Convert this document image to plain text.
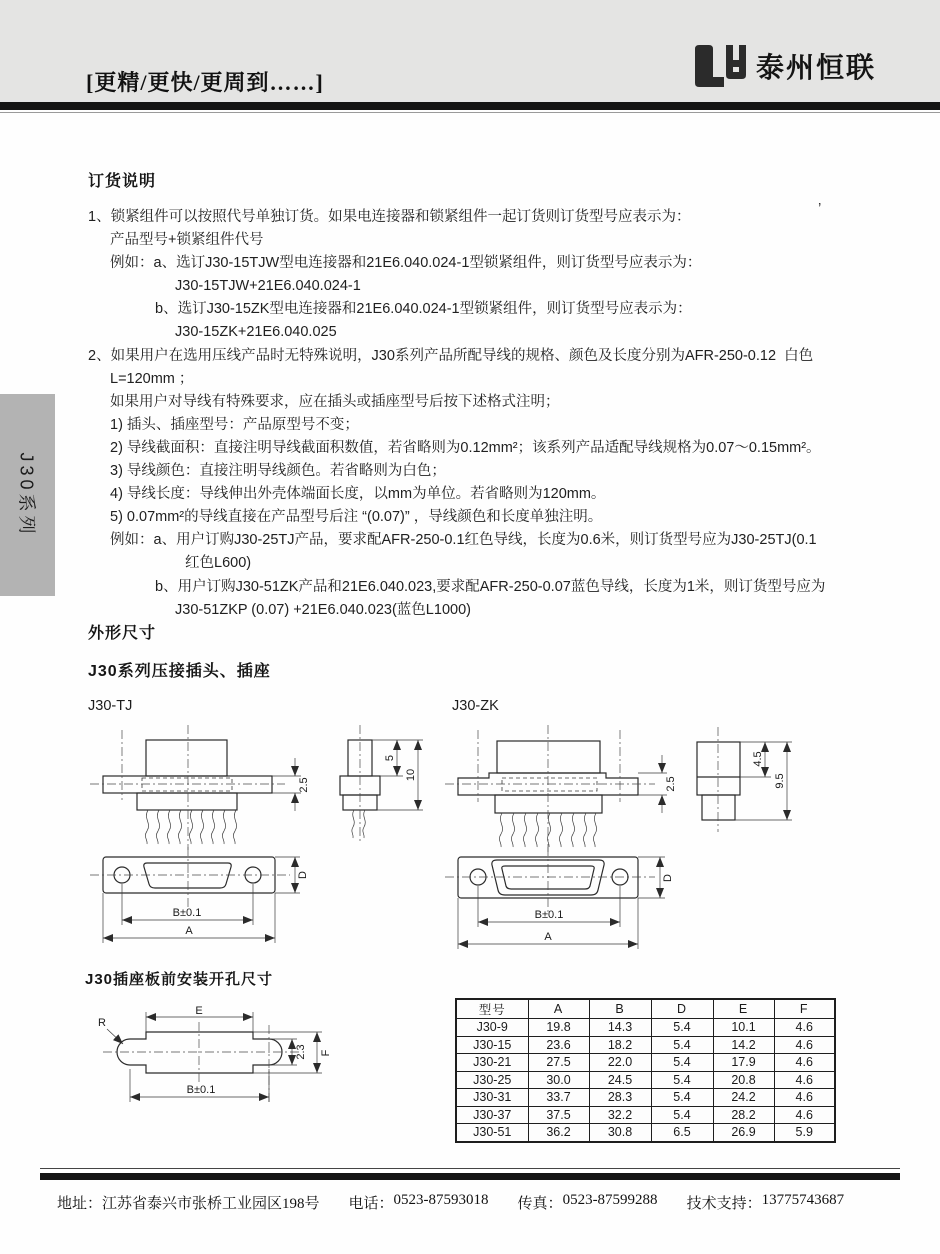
[更精/更快/更周到……]	泰州恒联
J30系列
订货说明
’
1、锁紧组件可以按照代号单独订货。如果电连接器和锁紧组件一起订货则订货型号应表示为：
产品型号+锁紧组件代号
例如：a、选订J30-15TJW型电连接器和21E6.040.024-1型锁紧组件，则订货型号应表示为：
J30-15TJW+21E6.040.024-1
b、选订J30-15ZK型电连接器和21E6.040.024-1型锁紧组件，则订货型号应表示为：
J30-15ZK+21E6.040.025
2、如果用户在选用压线产品时无特殊说明，J30系列产品所配导线的规格、颜色及长度分别为AFR-250-0.12  白色
L=120mm ；
如果用户对导线有特殊要求，应在插头或插座型号后按下述格式注明；
1) 插头、插座型号：产品原型号不变；
2) 导线截面积：直接注明导线截面积数值，若省略则为0.12mm²；该系列产品适配导线规格为0.07～0.15mm²。
3) 导线颜色：直接注明导线颜色。若省略则为白色；
4) 导线长度：导线伸出外壳体端面长度，以mm为单位。若省略则为120mm。
5) 0.07mm²的导线直接在产品型号后注 “(0.07)” ，导线颜色和长度单独注明。
例如：a、用户订购J30-25TJ产品，要求配AFR-250-0.1红色导线，长度为0.6米，则订货型号应为J30-25TJ(0.1
红色L600)
b、用户订购J30-51ZK产品和21E6.040.023,要求配AFR-250-0.07蓝色导线，长度为1米，则订货型号应为
J30-51ZKP (0.07) +21E6.040.023(蓝色L1000)
外形尺寸
J30系列压接插头、插座
J30-TJ	J30-ZK
2.5
5
10
B±0.1
A
D
2.5
4.5
9.5
B±0.1
A
D
J30插座板前安装开孔尺寸
E
2.3 F
B±0.1
R
型号	A	B	D	E	F
J30-9	19.8	14.3	5.4	10.1	4.6
J30-15	23.6	18.2	5.4	14.2	4.6
J30-21	27.5	22.0	5.4	17.9	4.6
J30-25	30.0	24.5	5.4	20.8	4.6
J30-31	33.7	28.3	5.4	24.2	4.6
J30-37	37.5	32.2	5.4	28.2	4.6
J30-51	36.2	30.8	6.5	26.9	5.9
地址： 江苏省泰兴市张桥工业园区198号 电话： 0523-87593018 传真： 0523-87599288 技术支持： 13775743687
